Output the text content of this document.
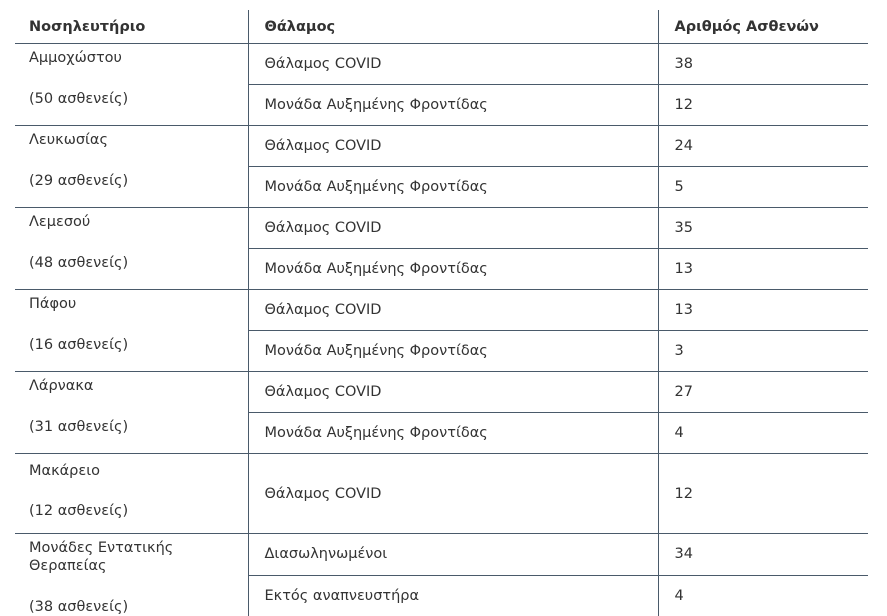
Νοσηλευτήριο	Θάλαμος	Αριθμός Ασθενών

Αμμοχώστου
(50 ασθενείς)	Θάλαμος COVID	38
	Μονάδα Αυξημένης Φροντίδας	12

Λευκωσίας
(29 ασθενείς)	Θάλαμος COVID	24
	Μονάδα Αυξημένης Φροντίδας	5

Λεμεσού
(48 ασθενείς)	Θάλαμος COVID	35
	Μονάδα Αυξημένης Φροντίδας	13

Πάφου
(16 ασθενείς)	Θάλαμος COVID	13
	Μονάδα Αυξημένης Φροντίδας	3

Λάρνακα
(31 ασθενείς)	Θάλαμος COVID	27
	Μονάδα Αυξημένης Φροντίδας	4

Μακάρειο
(12 ασθενείς)	Θάλαμος COVID	12

Μονάδες Εντατικής Θεραπείας
(38 ασθενείς)	Διασωληνωμένοι	34
	Εκτός αναπνευστήρα	4
